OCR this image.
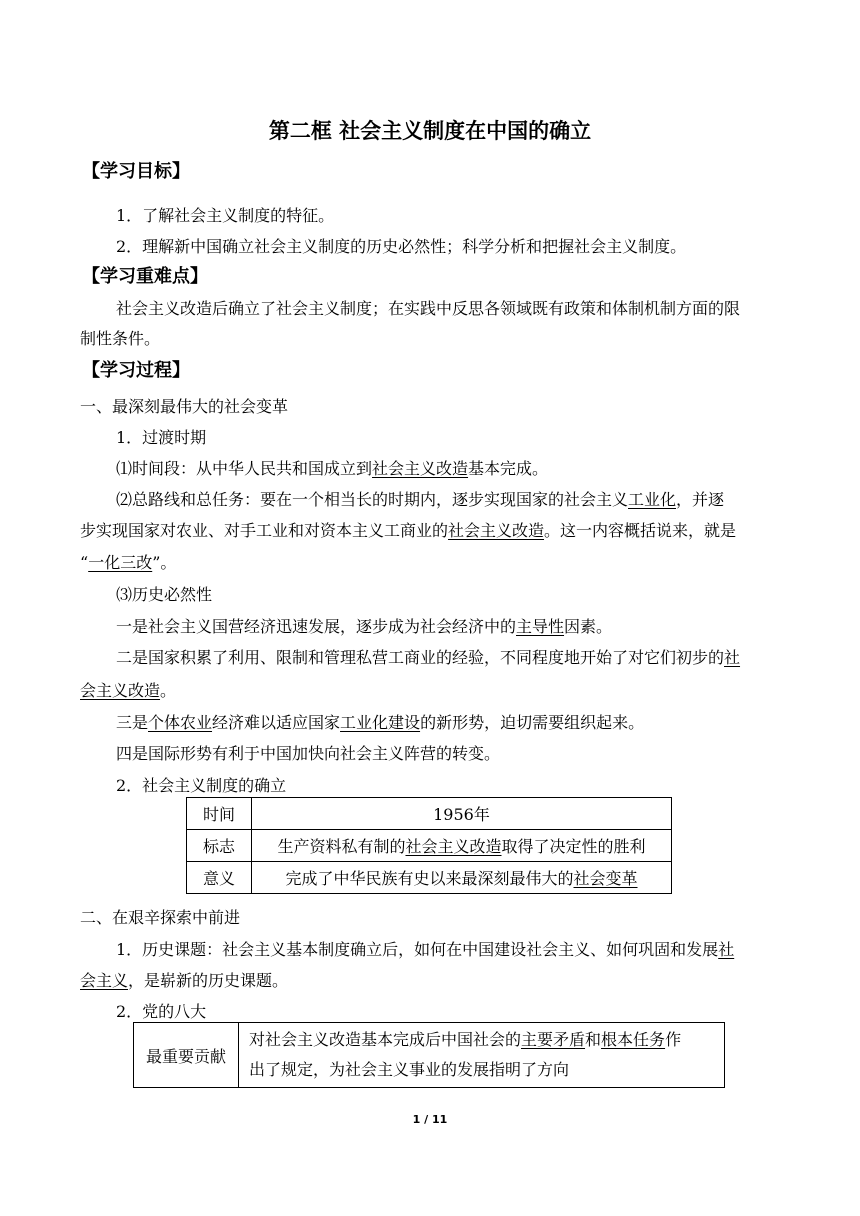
第二框 社会主义制度在中国的确立
【学习目标】
1．了解社会主义制度的特征。
2．理解新中国确立社会主义制度的历史必然性；科学分析和把握社会主义制度。
【学习重难点】
社会主义改造后确立了社会主义制度；在实践中反思各领域既有政策和体制机制方面的限
制性条件。
【学习过程】
一、最深刻最伟大的社会变革
1．过渡时期
⑴时间段：从中华人民共和国成立到社会主义改造基本完成。
⑵总路线和总任务：要在一个相当长的时期内，逐步实现国家的社会主义工业化，并逐
步实现国家对农业、对手工业和对资本主义工商业的社会主义改造。这一内容概括说来，就是
“一化三改”。
⑶历史必然性
一是社会主义国营经济迅速发展，逐步成为社会经济中的主导性因素。
二是国家积累了利用、限制和管理私营工商业的经验，不同程度地开始了对它们初步的社
会主义改造。
三是个体农业经济难以适应国家工业化建设的新形势，迫切需要组织起来。
四是国际形势有利于中国加快向社会主义阵营的转变。
2．社会主义制度的确立
时间	1956年
标志	生产资料私有制的社会主义改造取得了决定性的胜利
意义	完成了中华民族有史以来最深刻最伟大的社会变革
二、在艰辛探索中前进
1．历史课题：社会主义基本制度确立后，如何在中国建设社会主义、如何巩固和发展社
会主义，是崭新的历史课题。
2．党的八大
最重要贡献	对社会主义改造基本完成后中国社会的主要矛盾和根本任务作
出了规定，为社会主义事业的发展指明了方向
1 / 11
